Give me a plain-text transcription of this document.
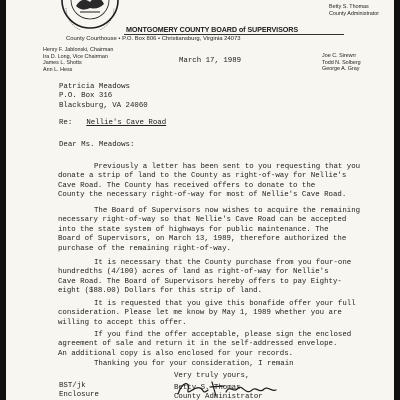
MONTGOMERY COUNTY BOARD of SUPERVISORS
County Courthouse • P.O. Box 806 • Christiansburg, Virginia 24073
Betty S. Thomas
County Administrator
Henry F. Jablonski, Chairman
Ira D. Long, Vice Chairman
James L. Shotts
Ann L. Hess
Joe C. Sirewrr
Todd N. Solberg
George A. Gray
March 17, 1989
Patricia Meadows
P.O. Box 316
Blacksburg, VA 24060
Re: Nellie's Cave Road
Dear Ms. Meadows:
Previously a letter has been sent to you requesting that you
donate a strip of land to the County as right-of-way for Nellie's
Cave Road. The County has received offers to donate to the
County the necessary right-of-way for most of Nellie's Cave Road.
The Board of Supervisors now wishes to acquire the remaining
necessary right-of-way so that Nellie's Cave Road can be accepted
into the state system of highways for public maintenance. The
Board of Supervisors, on March 13, 1989, therefore authorized the
purchase of the remaining right-of-way.
It is necessary that the County purchase from you four-one
hundredths (4/100) acres of land as right-of-way for Nellie's
Cave Road. The Board of Supervisors hereby offers to pay Eighty-
eight ($88.00) Dollars for this strip of land.
It is requested that you give this bonafide offer your full
consideration. Please let me know by May 1, 1989 whether you are
willing to accept this offer.
If you find the offer acceptable, please sign the enclosed
agreement of sale and return it in the self-addressed envelope.
An additional copy is also enclosed for your records.
Thanking you for your consideration, I remain
Very truly yours,
Betty S. Thomas
County Administrator
BST/jk
Enclosure
